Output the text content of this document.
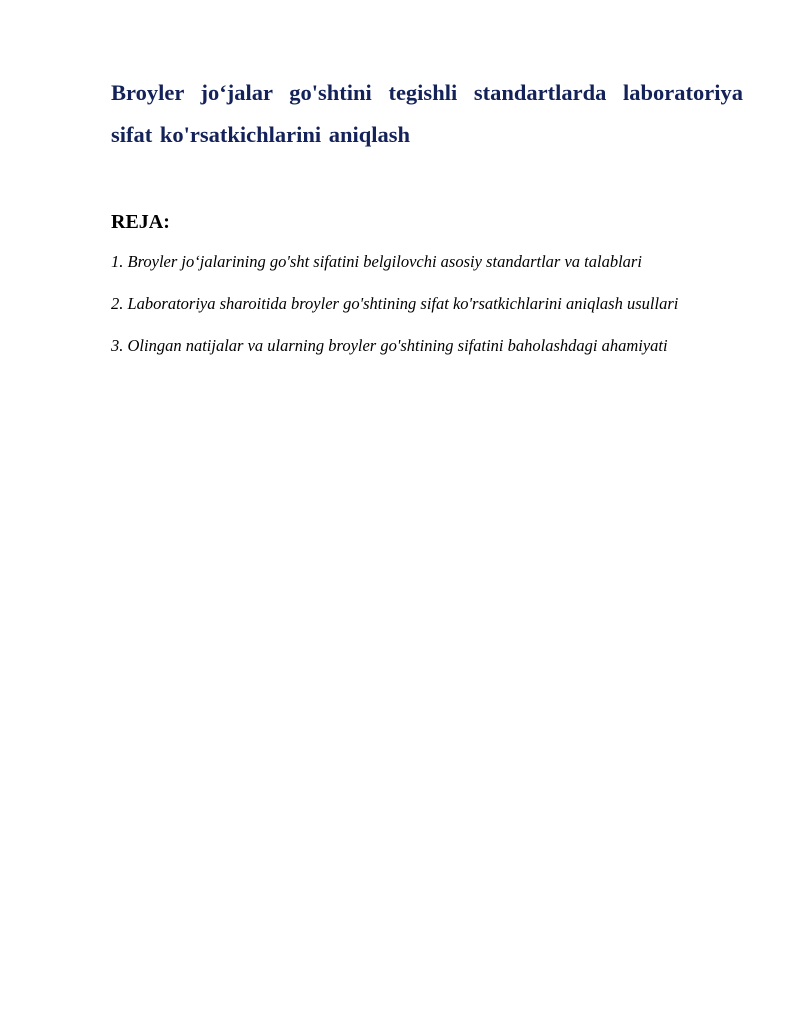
Broyler jo‘jalar go'shtini tegishli standartlarda laboratoriya sifat ko'rsatkichlarini aniqlash
REJA:
1. Broyler jo‘jalarining go'sht sifatini belgilovchi asosiy standartlar va talablari
2. Laboratoriya sharoitida broyler go'shtining sifat ko'rsatkichlarini aniqlash usullari
3. Olingan natijalar va ularning broyler go'shtining sifatini baholashdagi ahamiyati
